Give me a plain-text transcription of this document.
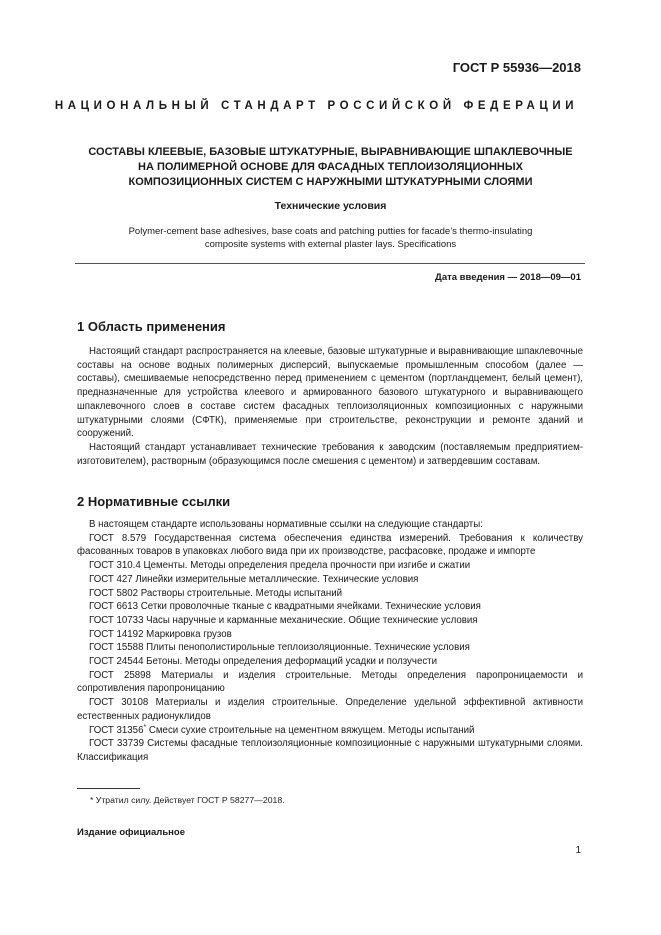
ГОСТ Р 55936—2018
НАЦИОНАЛЬНЫЙ СТАНДАРТ РОССИЙСКОЙ ФЕДЕРАЦИИ
СОСТАВЫ КЛЕЕВЫЕ, БАЗОВЫЕ ШТУКАТУРНЫЕ, ВЫРАВНИВАЮЩИЕ ШПАКЛЕВОЧНЫЕ
НА ПОЛИМЕРНОЙ ОСНОВЕ ДЛЯ ФАСАДНЫХ ТЕПЛОИЗОЛЯЦИОННЫХ
КОМПОЗИЦИОННЫХ СИСТЕМ С НАРУЖНЫМИ ШТУКАТУРНЫМИ СЛОЯМИ
Технические условия
Polymer-cement base adhesives, base coats and patching putties for facade’s thermo-insulating
composite systems with external plaster lays. Specifications
Дата введения — 2018—09—01
1 Область применения

Настоящий стандарт распространяется на клеевые, базовые штукатурные и выравнивающие шпаклевочные составы на основе водных полимерных дисперсий, выпускаемые промышленным способом (далее — составы), смешиваемые непосредственно перед применением с цементом (портландцемент, белый цемент), предназначенные для устройства клеевого и армированного базового штукатурного и выравнивающего шпаклевочного слоев в составе систем фасадных теплоизоляционных композиционных с наружными штукатурными слоями (СФТК), применяемые при строительстве, реконструкции и ремонте зданий и сооружений.

Настоящий стандарт устанавливает технические требования к заводским (поставляемым предприятием-изготовителем), растворным (образующимся после смешения с цементом) и затвердевшим составам.

2 Нормативные ссылки

В настоящем стандарте использованы нормативные ссылки на следующие стандарты:

ГОСТ 8.579 Государственная система обеспечения единства измерений. Требования к количеству фасованных товаров в упаковках любого вида при их производстве, расфасовке, продаже и импорте
ГОСТ 310.4 Цементы. Методы определения предела прочности при изгибе и сжатии
ГОСТ 427 Линейки измерительные металлические. Технические условия
ГОСТ 5802 Растворы строительные. Методы испытаний
ГОСТ 6613 Сетки проволочные тканые с квадратными ячейками. Технические условия
ГОСТ 10733 Часы наручные и карманные механические. Общие технические условия
ГОСТ 14192 Маркировка грузов
ГОСТ 15588 Плиты пенополистирольные теплоизоляционные. Технические условия
ГОСТ 24544 Бетоны. Методы определения деформаций усадки и ползучести
ГОСТ 25898 Материалы и изделия строительные. Методы определения паропроницаемости и сопротивления паропроницанию
ГОСТ 30108 Материалы и изделия строительные. Определение удельной эффективной активности естественных радионуклидов
ГОСТ 31356* Смеси сухие строительные на цементном вяжущем. Методы испытаний
ГОСТ 33739 Системы фасадные теплоизоляционные композиционные с наружными штукатурными слоями. Классификация
* Утратил силу. Действует ГОСТ Р 58277—2018.
Издание официальное
1
